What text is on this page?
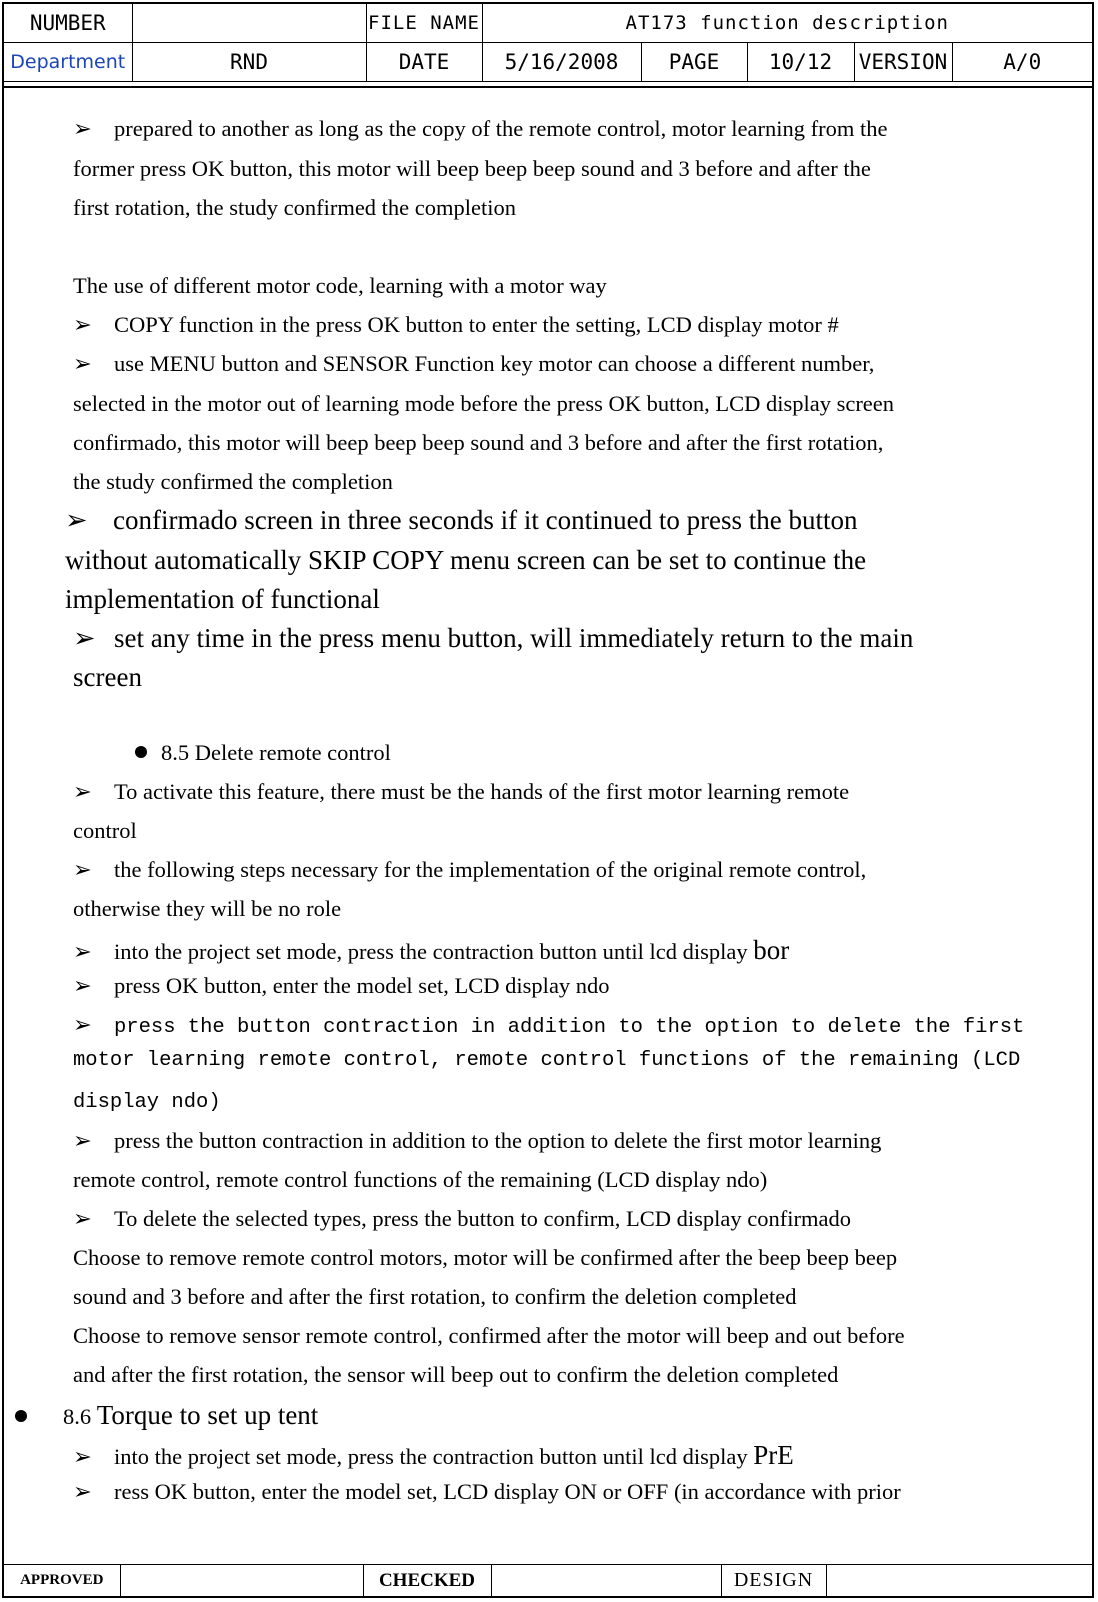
NUMBER		FILE NAME	AT173 function description				
Department	RND	DATE	5/16/2008	PAGE	10/12	VERSION	A/0
➢ prepared to another as long as the copy of the remote control, motor learning from the
former press OK button, this motor will beep beep beep sound and 3 before and after the
first rotation, the study confirmed the completion
The use of different motor code, learning with a motor way
➢ COPY function in the press OK button to enter the setting, LCD display motor #
➢ use MENU button and SENSOR Function key motor can choose a different number,
selected in the motor out of learning mode before the press OK button, LCD display screen
confirmado, this motor will beep beep beep sound and 3 before and after the first rotation,
the study confirmed the completion
➢ confirmado screen in three seconds if it continued to press the button
without automatically SKIP COPY menu screen can be set to continue the
implementation of functional
➢ set any time in the press menu button, will immediately return to the main
screen
8.5 Delete remote control
➢ To activate this feature, there must be the hands of the first motor learning remote
control
➢ the following steps necessary for the implementation of the original remote control,
otherwise they will be no role
➢ into the project set mode, press the contraction button until lcd display bor
➢ press OK button, enter the model set, LCD display ndo
➢ press the button contraction in addition to the option to delete the first
motor learning remote control, remote control functions of the remaining (LCD
display ndo)
➢ press the button contraction in addition to the option to delete the first motor learning
remote control, remote control functions of the remaining (LCD display ndo)
➢ To delete the selected types, press the button to confirm, LCD display confirmado
Choose to remove remote control motors, motor will be confirmed after the beep beep beep
sound and 3 before and after the first rotation, to confirm the deletion completed
Choose to remove sensor remote control, confirmed after the motor will beep and out before
and after the first rotation, the sensor will beep out to confirm the deletion completed
8.6 Torque to set up tent
➢ into the project set mode, press the contraction button until lcd display PrE
➢ ress OK button, enter the model set, LCD display ON or OFF (in accordance with prior
APPROVED		CHECKED		DESIGN	
